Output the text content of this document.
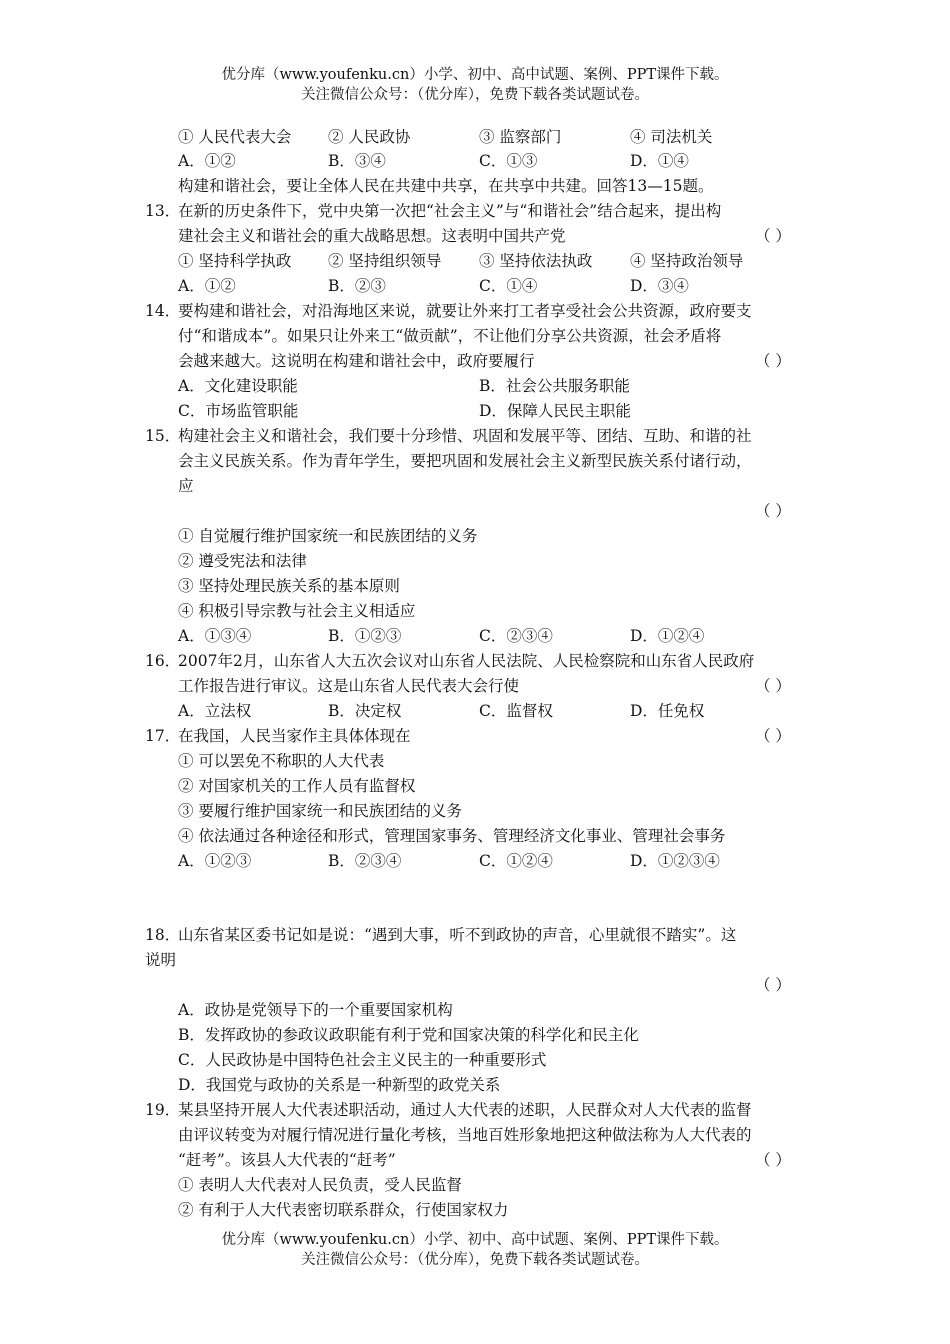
优分库（www.youfenku.cn）小学、初中、高中试题、案例、PPT课件下载。
关注微信公众号：（优分库），免费下载各类试题试卷。
① 人民代表大会 ② 人民政协	③ 监察部门	④ 司法机关
A．①②	B．③④	C．①③	D．①④
构建和谐社会，要让全体人民在共建中共享，在共享中共建。回答13—15题。
13．
在新的历史条件下，党中央第一次把“社会主义”与“和谐社会”结合起来，提出构
建社会主义和谐社会的重大战略思想。这表明中国共产党	（ ）
① 坚持科学执政 ② 坚持组织领导 ③ 坚持依法执政 ④ 坚持政治领导
A．①②	B．②③	C．①④	D．③④
14．
要构建和谐社会，对沿海地区来说，就要让外来打工者享受社会公共资源，政府要支
付“和谐成本”。如果只让外来工“做贡献”，不让他们分享公共资源，社会矛盾将
会越来越大。这说明在构建和谐社会中，政府要履行	（ ）
A．文化建设职能	B．社会公共服务职能
C．市场监管职能	D．保障人民民主职能
15．
构建社会主义和谐社会，我们要十分珍惜、巩固和发展平等、团结、互助、和谐的社
会主义民族关系。作为青年学生，要把巩固和发展社会主义新型民族关系付诸行动，
应
（ ）
① 自觉履行维护国家统一和民族团结的义务
② 遵受宪法和法律
③ 坚持处理民族关系的基本原则
④ 积极引导宗教与社会主义相适应
A．①③④	B．①②③	C．②③④	D．①②④
16．
2007年2月，山东省人大五次会议对山东省人民法院、人民检察院和山东省人民政府
工作报告进行审议。这是山东省人民代表大会行使	（ ）
A．立法权	B．决定权	C．监督权	D．任免权
17．
在我国，人民当家作主具体体现在	（ ）
① 可以罢免不称职的人大代表
② 对国家机关的工作人员有监督权
③ 要履行维护国家统一和民族团结的义务
④ 依法通过各种途径和形式，管理国家事务、管理经济文化事业、管理社会事务
A．①②③	B．②③④	C．①②④	D．①②③④
18．
山东省某区委书记如是说：“遇到大事，听不到政协的声音，心里就很不踏实”。这
说明
（ ）
A．政协是党领导下的一个重要国家机构
B．发挥政协的参政议政职能有利于党和国家决策的科学化和民主化
C．人民政协是中国特色社会主义民主的一种重要形式
D．我国党与政协的关系是一种新型的政党关系
19．
某县坚持开展人大代表述职活动，通过人大代表的述职，人民群众对人大代表的监督
由评议转变为对履行情况进行量化考核，当地百姓形象地把这种做法称为人大代表的
“赶考”。该县人大代表的“赶考”	（ ）
① 表明人大代表对人民负责，受人民监督
② 有利于人大代表密切联系群众，行使国家权力
优分库（www.youfenku.cn）小学、初中、高中试题、案例、PPT课件下载。
关注微信公众号：（优分库），免费下载各类试题试卷。
